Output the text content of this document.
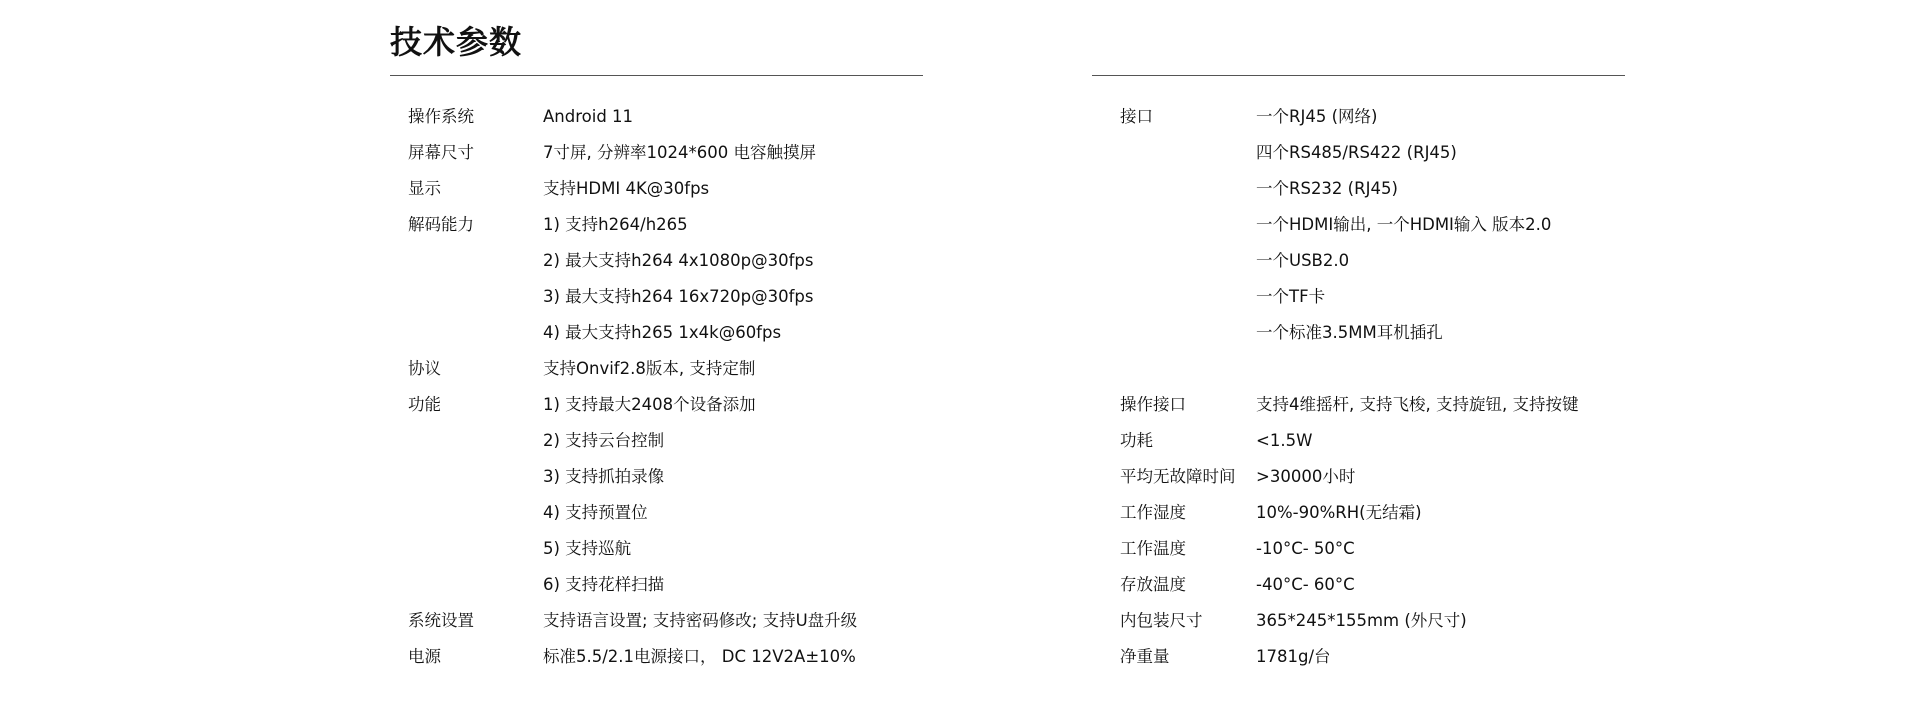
技术参数
操作系统	Android 11
屏幕尺寸	7寸屏, 分辨率1024*600 电容触摸屏
显示	支持HDMI 4K@30fps
解码能力	1) 支持h264/h265
2) 最大支持h264 4x1080p@30fps
3) 最大支持h264 16x720p@30fps
4) 最大支持h265 1x4k@60fps
协议	支持Onvif2.8版本, 支持定制
功能	1) 支持最大2408个设备添加
2) 支持云台控制
3) 支持抓拍录像
4) 支持预置位
5) 支持巡航
6) 支持花样扫描
系统设置	支持语言设置; 支持密码修改; 支持U盘升级
电源	标准5.5/2.1电源接口， DC 12V2A±10%
接口	一个RJ45 (网络)
四个RS485/RS422 (RJ45)
一个RS232 (RJ45)
一个HDMI输出, 一个HDMI输入 版本2.0
一个USB2.0
一个TF卡
一个标准3.5MM耳机插孔
操作接口	支持4维摇杆, 支持飞梭, 支持旋钮, 支持按键
功耗	<1.5W
平均无故障时间	>30000小时
工作湿度	10%-90%RH(无结霜)
工作温度	-10°C- 50°C
存放温度	-40°C- 60°C
内包装尺寸	365*245*155mm (外尺寸)
净重量	1781g/台
